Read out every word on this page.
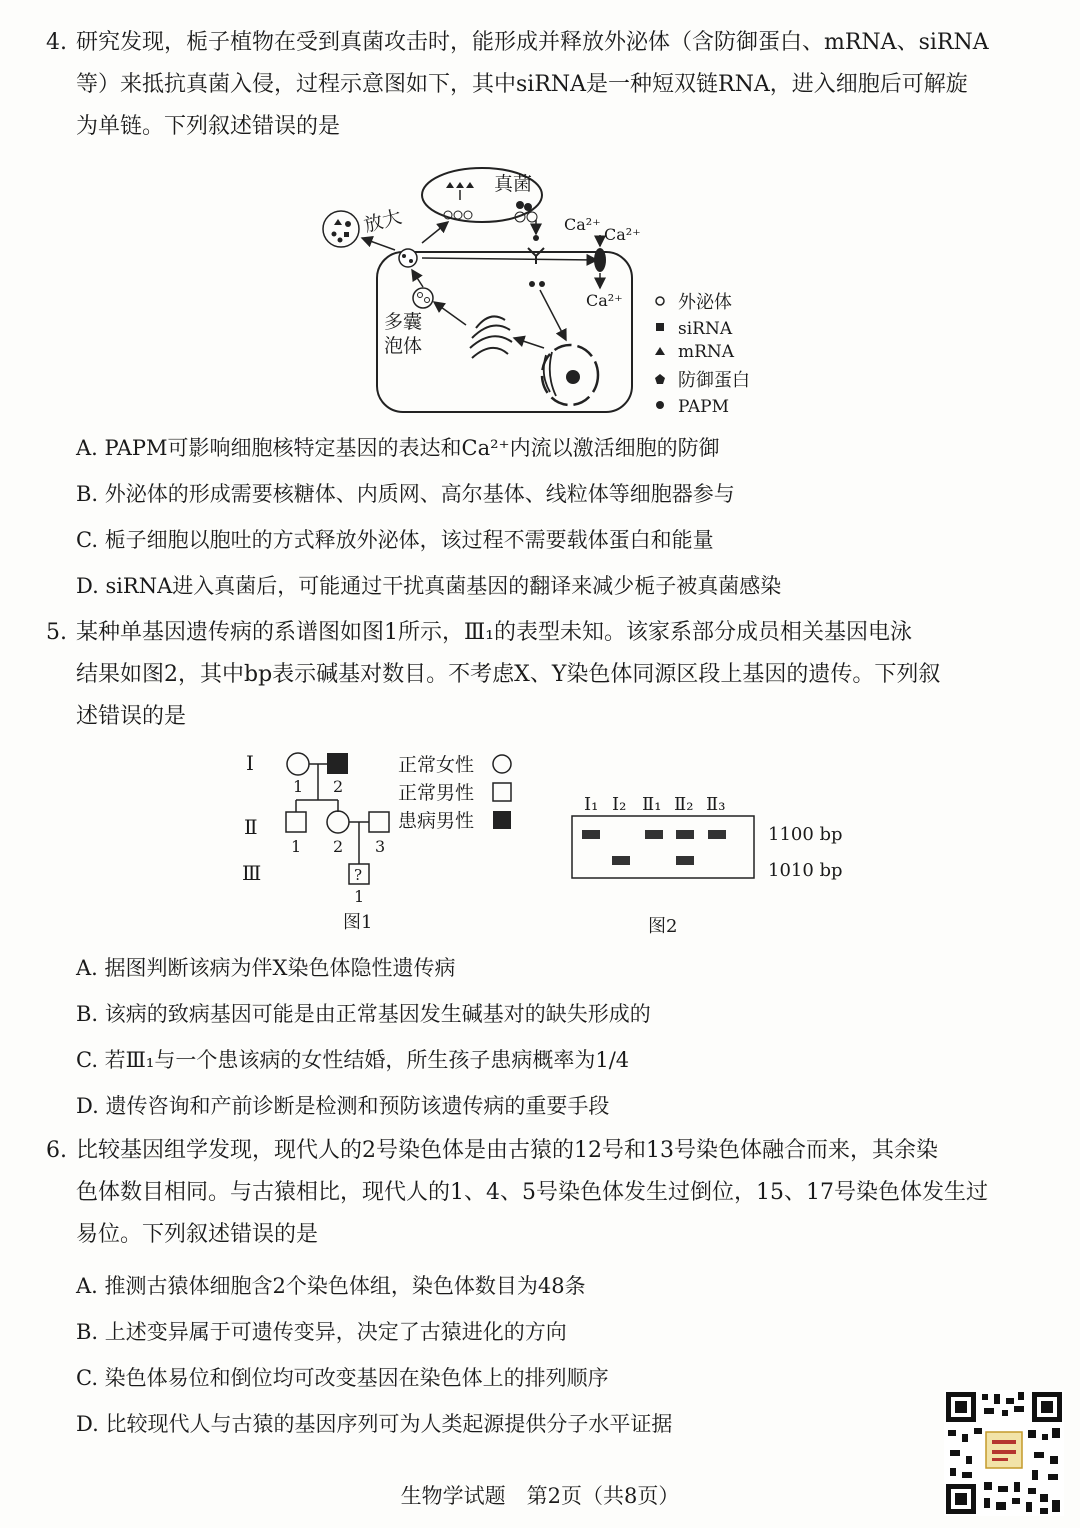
4. 研究发现，栀子植物在受到真菌攻击时，能形成并释放外泌体（含防御蛋白、mRNA、siRNA
等）来抵抗真菌入侵，过程示意图如下，其中siRNA是一种短双链RNA，进入细胞后可解旋
为单链。下列叙述错误的是
真菌
放大
多囊
泡体
Ca²⁺
Ca²⁺
Ca²⁺	外泌体
siRNA
mRNA
防御蛋白
PAPM
A. PAPM可影响细胞核特定基因的表达和Ca²⁺内流以激活细胞的防御
B. 外泌体的形成需要核糖体、内质网、高尔基体、线粒体等细胞器参与
C. 栀子细胞以胞吐的方式释放外泌体，该过程不需要载体蛋白和能量
D. siRNA进入真菌后，可能通过干扰真菌基因的翻译来减少栀子被真菌感染
5. 某种单基因遗传病的系谱图如图1所示，Ⅲ₁的表型未知。该家系部分成员相关基因电泳
结果如图2，其中bp表示碱基对数目。不考虑X、Y染色体同源区段上基因的遗传。下列叙
述错误的是
Ⅰ
Ⅱ
Ⅲ
1 2
1 2 3
?
1
正常女性
正常男性
患病男性
图1
Ⅰ₁ Ⅰ₂ Ⅱ₁ Ⅱ₂ Ⅱ₃
1100 bp
1010 bp
图2
A. 据图判断该病为伴X染色体隐性遗传病
B. 该病的致病基因可能是由正常基因发生碱基对的缺失形成的
C. 若Ⅲ₁与一个患该病的女性结婚，所生孩子患病概率为1/4
D. 遗传咨询和产前诊断是检测和预防该遗传病的重要手段
6. 比较基因组学发现，现代人的2号染色体是由古猿的12号和13号染色体融合而来，其余染
色体数目相同。与古猿相比，现代人的1、4、5号染色体发生过倒位，15、17号染色体发生过
易位。下列叙述错误的是
A. 推测古猿体细胞含2个染色体组，染色体数目为48条
B. 上述变异属于可遗传变异，决定了古猿进化的方向
C. 染色体易位和倒位均可改变基因在染色体上的排列顺序
D. 比较现代人与古猿的基因序列可为人类起源提供分子水平证据
生物学试题　第2页（共8页）
